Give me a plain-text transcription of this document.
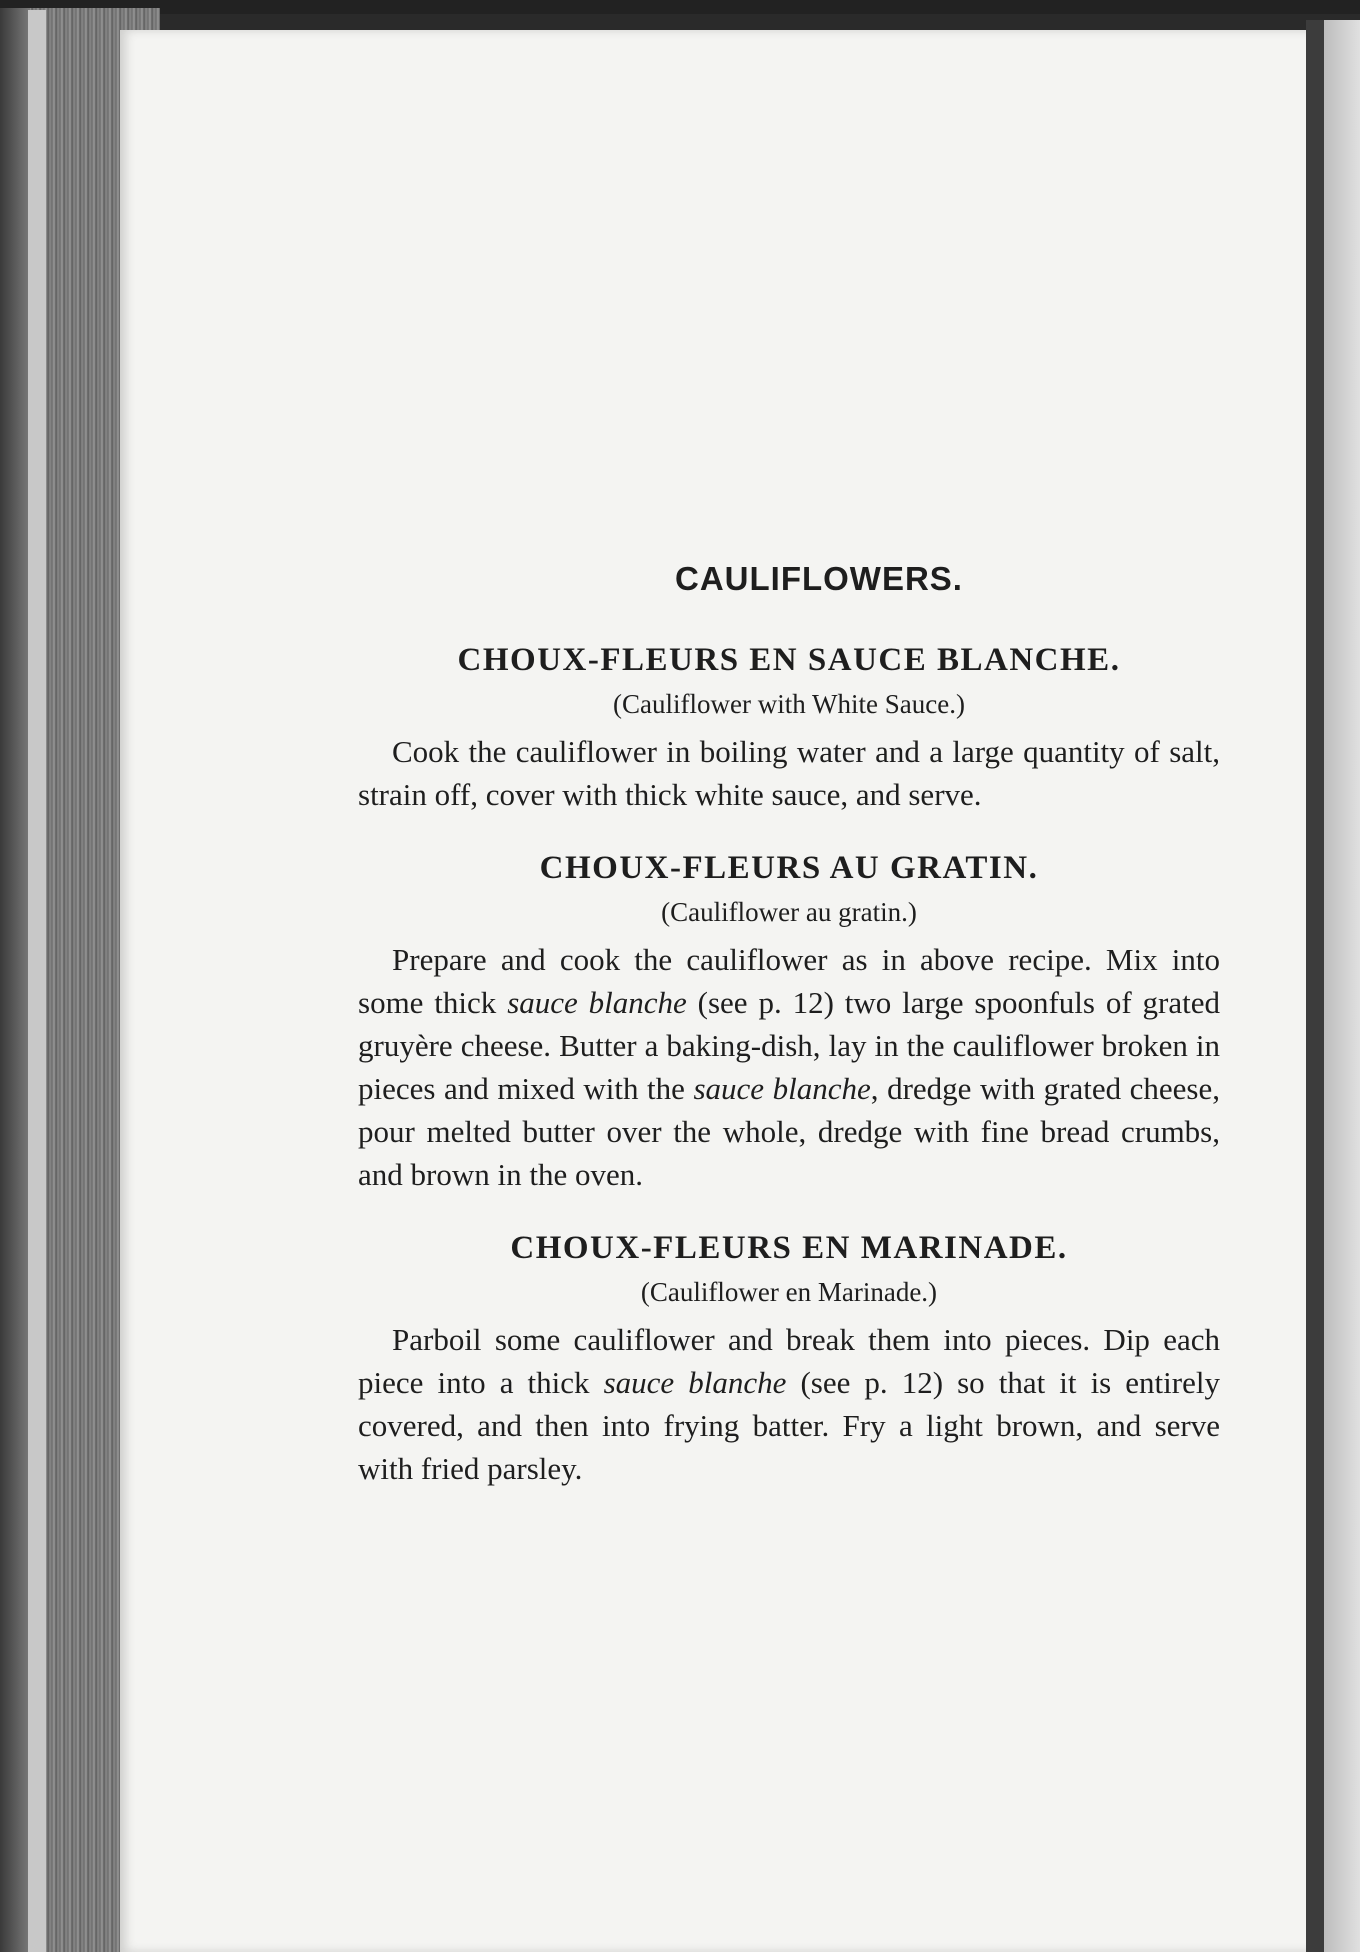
CAULIFLOWERS.
CHOUX-FLEURS EN SAUCE BLANCHE.
(Cauliflower with White Sauce.)

Cook the cauliflower in boiling water and a large quantity of salt, strain off, cover with thick white sauce, and serve.

CHOUX-FLEURS AU GRATIN.
(Cauliflower au gratin.)

Prepare and cook the cauliflower as in above recipe. Mix into some thick sauce blanche (see p. 12) two large spoonfuls of grated gruyère cheese. Butter a baking-dish, lay in the cauliflower broken in pieces and mixed with the sauce blanche, dredge with grated cheese, pour melted butter over the whole, dredge with fine bread crumbs, and brown in the oven.

CHOUX-FLEURS EN MARINADE.
(Cauliflower en Marinade.)

Parboil some cauliflower and break them into pieces. Dip each piece into a thick sauce blanche (see p. 12) so that it is entirely covered, and then into frying batter. Fry a light brown, and serve with fried parsley.
